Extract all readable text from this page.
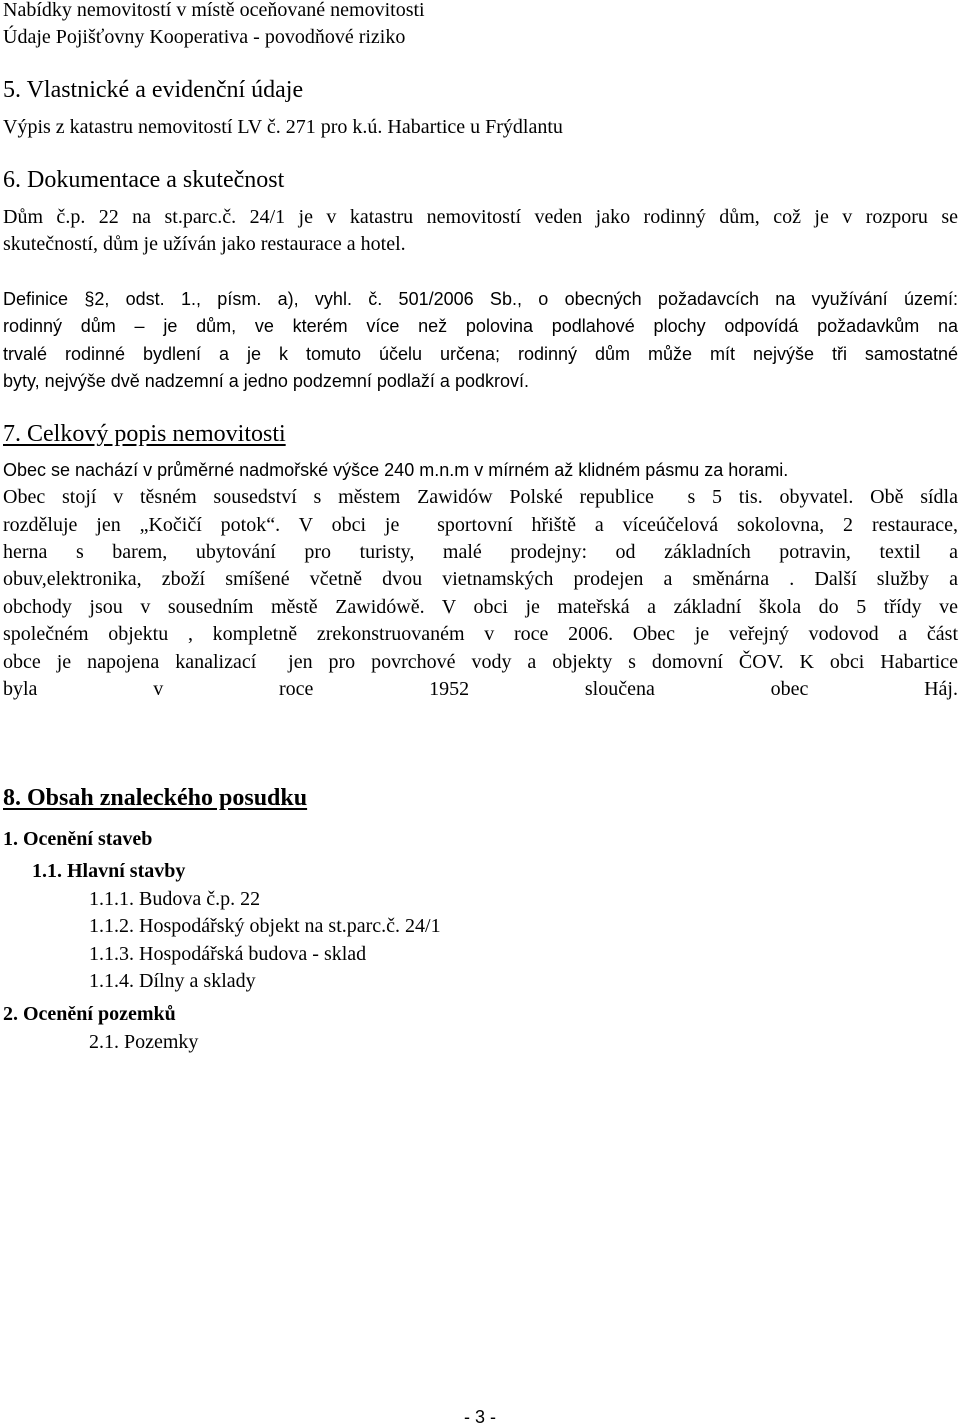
Nabídky nemovitostí v místě oceňované nemovitosti
Údaje Pojišťovny Kooperativa - povodňové riziko
5. Vlastnické a evidenční údaje
Výpis z katastru nemovitostí LV č. 271 pro k.ú. Habartice u Frýdlantu
6. Dokumentace a skutečnost
Dům č.p. 22 na st.parc.č. 24/1 je v katastru nemovitostí veden jako rodinný dům, což je v rozporu se
skutečností, dům je užíván jako restaurace a hotel.
Definice §2, odst. 1., písm. a), vyhl. č. 501/2006 Sb., o obecných požadavcích na využívání území:
rodinný dům – je dům, ve kterém více než polovina podlahové plochy odpovídá požadavkům na
trvalé rodinné bydlení a je k tomuto účelu určena; rodinný dům může mít nejvýše tři samostatné
byty, nejvýše dvě nadzemní a jedno podzemní podlaží a podkroví.
7. Celkový popis nemovitosti
Obec se nachází v průměrné nadmořské výšce 240 m.n.m v mírném až klidném pásmu za horami.
Obec stojí v těsném sousedství s městem Zawidów Polské republice  s 5 tis. obyvatel. Obě sídla
rozděluje jen „Kočičí potok“. V obci je  sportovní hřiště a víceúčelová sokolovna, 2 restaurace,
herna s barem, ubytování pro turisty, malé prodejny: od základních potravin, textil a
obuv,elektronika, zboží smíšené včetně dvou vietnamských prodejen a směnárna . Další služby a
obchody jsou v sousedním městě Zawidówě. V obci je mateřská a základní škola do 5 třídy ve
společném objektu , kompletně zrekonstruovaném v roce 2006. Obec je veřejný vodovod a část
obce je napojena kanalizací  jen pro povrchové vody a objekty s domovní ČOV. K obci Habartice
byla	v	roce	1952	sloučena	obec	Háj.
8. Obsah znaleckého posudku
1. Ocenění staveb
1.1. Hlavní stavby
1.1.1. Budova č.p. 22
1.1.2. Hospodářský objekt na st.parc.č. 24/1
1.1.3. Hospodářská budova - sklad
1.1.4. Dílny a sklady
2. Ocenění pozemků
2.1. Pozemky
- 3 -
